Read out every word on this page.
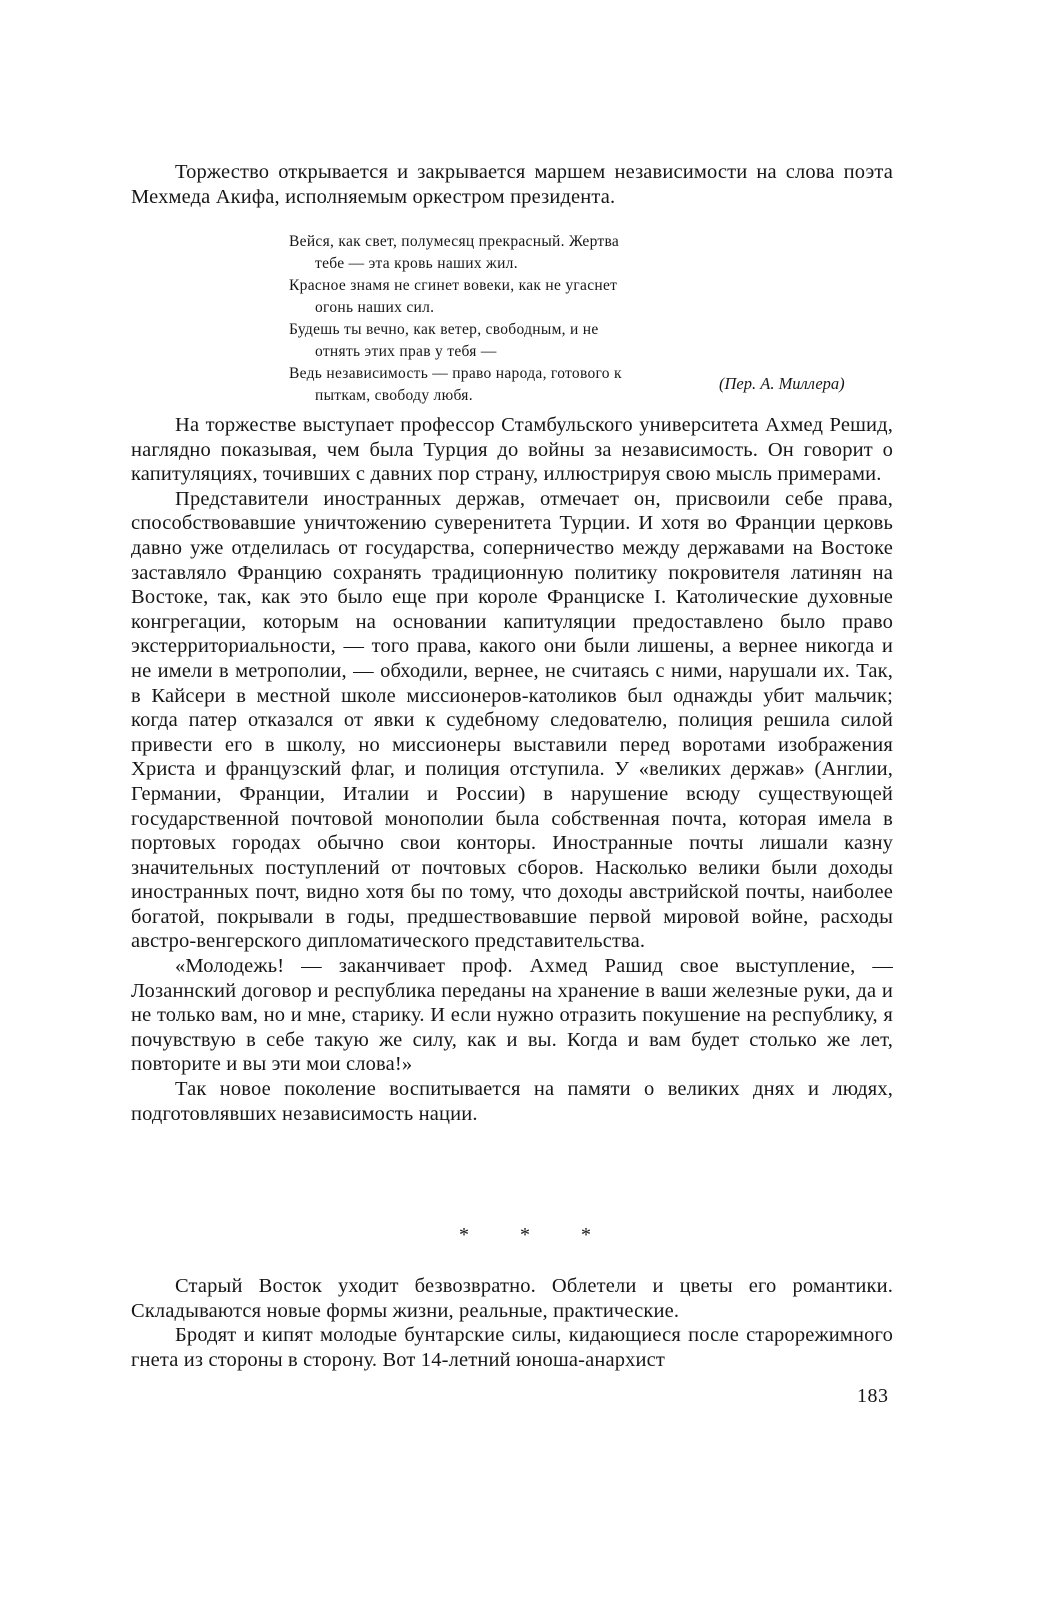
Торжество открывается и закрывается маршем независимости на слова поэта Мехмеда Акифа, исполняемым оркестром президента.

Вейся, как свет, полумесяц прекрасный. Жертва
тебе — эта кровь наших жил.
Красное знамя не сгинет вовеки, как не угаснет
огонь наших сил.
Будешь ты вечно, как ветер, свободным, и не
отнять этих прав у тебя —
Ведь независимость — право народа, готового к
пыткам, свободу любя.
(Пер. А. Миллера)

На торжестве выступает профессор Стамбульского университета Ахмед Решид, наглядно показывая, чем была Турция до войны за независимость. Он говорит о капитуляциях, точивших с давних пор страну, иллюстрируя свою мысль примерами.

Представители иностранных держав, отмечает он, присвоили себе права, способствовавшие уничтожению суверенитета Турции. И хотя во Франции церковь давно уже отделилась от государства, соперничество между державами на Востоке заставляло Францию сохранять традиционную политику покровителя латинян на Востоке, так, как это было еще при короле Франциске I. Католические духовные конгрегации, которым на основании капитуляции предоставлено было право экстерриториальности, — того права, какого они были лишены, а вернее никогда и не имели в метрополии, — обходили, вернее, не считаясь с ними, нарушали их. Так, в Кайсери в местной школе миссионеров-католиков был однажды убит мальчик; когда патер отказался от явки к судебному следователю, полиция решила силой привести его в школу, но миссионеры выставили перед воротами изображения Христа и французский флаг, и полиция отступила. У «великих держав» (Англии, Германии, Франции, Италии и России) в нарушение всюду существующей государственной почтовой монополии была собственная почта, которая имела в портовых городах обычно свои конторы. Иностранные почты лишали казну значительных поступлений от почтовых сборов. Насколько велики были доходы иностранных почт, видно хотя бы по тому, что доходы австрийской почты, наиболее богатой, покрывали в годы, предшествовавшие первой мировой войне, расходы австро-венгерского дипломатического представительства.

«Молодежь! — заканчивает проф. Ахмед Рашид свое выступление, — Лозаннский договор и республика переданы на хранение в ваши железные руки, да и не только вам, но и мне, старику. И если нужно отразить покушение на республику, я почувствую в себе такую же силу, как и вы. Когда и вам будет столько же лет, повторите и вы эти мои слова!»

Так новое поколение воспитывается на памяти о великих днях и людях, подготовлявших независимость нации.

*	*	*

Старый Восток уходит безвозвратно. Облетели и цветы его романтики. Складываются новые формы жизни, реальные, практические.

Бродят и кипят молодые бунтарские силы, кидающиеся после старорежимного гнета из стороны в сторону. Вот 14-летний юноша-анархист

183
